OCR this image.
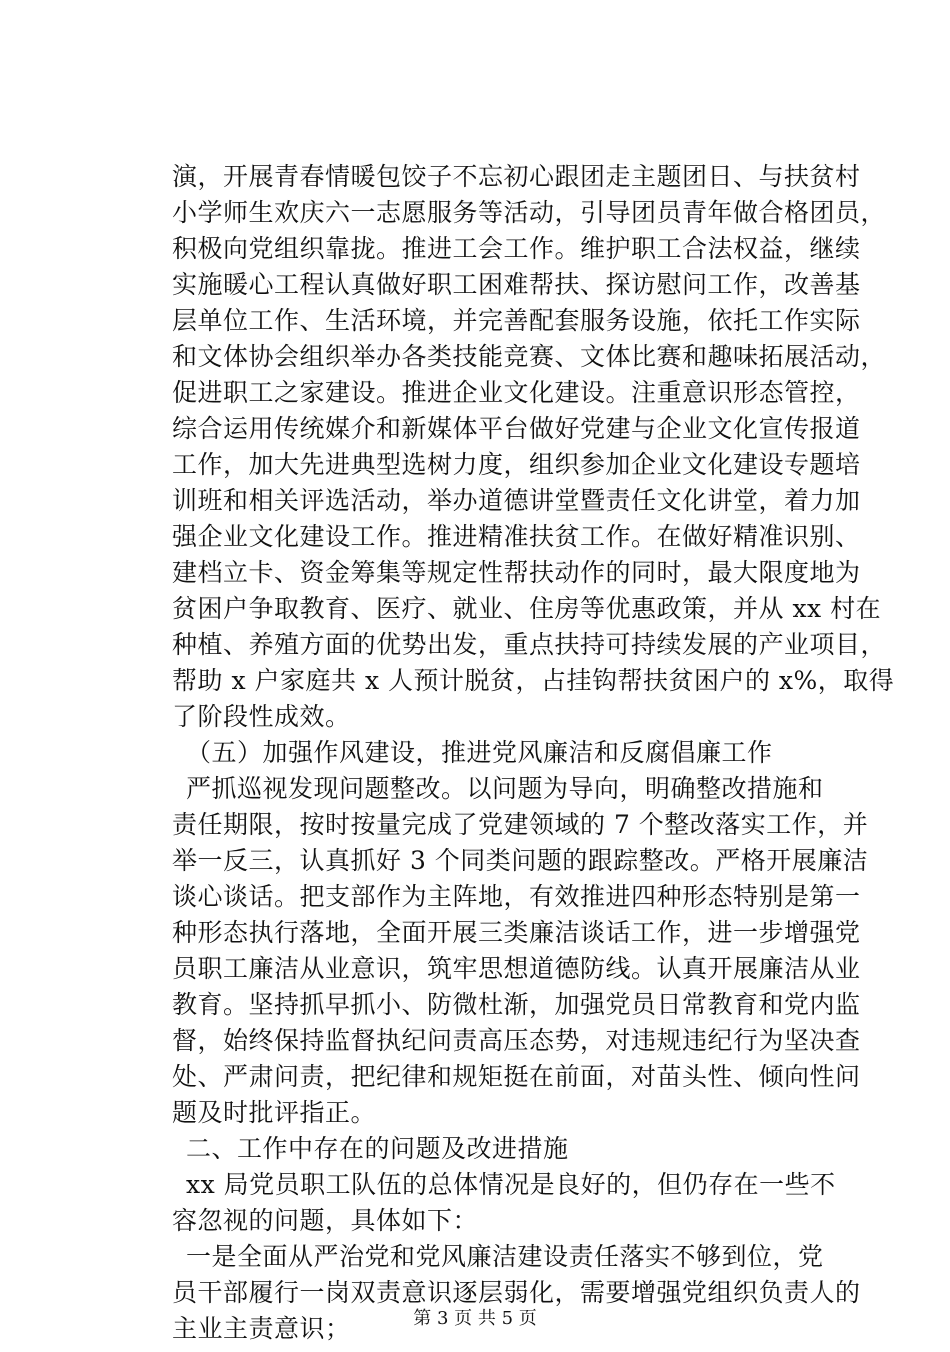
演，开展青春情暖包饺子不忘初心跟团走主题团日、与扶贫村
小学师生欢庆六一志愿服务等活动，引导团员青年做合格团员，
积极向党组织靠拢。推进工会工作。维护职工合法权益，继续
实施暖心工程认真做好职工困难帮扶、探访慰问工作，改善基
层单位工作、生活环境，并完善配套服务设施，依托工作实际
和文体协会组织举办各类技能竞赛、文体比赛和趣味拓展活动，
促进职工之家建设。推进企业文化建设。注重意识形态管控，
综合运用传统媒介和新媒体平台做好党建与企业文化宣传报道
工作，加大先进典型选树力度，组织参加企业文化建设专题培
训班和相关评选活动，举办道德讲堂暨责任文化讲堂，着力加
强企业文化建设工作。推进精准扶贫工作。在做好精准识别、
建档立卡、资金筹集等规定性帮扶动作的同时，最大限度地为
贫困户争取教育、医疗、就业、住房等优惠政策，并从 xx 村在
种植、养殖方面的优势出发，重点扶持可持续发展的产业项目，
帮助 x 户家庭共 x 人预计脱贫，占挂钩帮扶贫困户的 x%，取得
了阶段性成效。
（五）加强作风建设，推进党风廉洁和反腐倡廉工作
严抓巡视发现问题整改。以问题为导向，明确整改措施和
责任期限，按时按量完成了党建领域的 7 个整改落实工作，并
举一反三，认真抓好 3 个同类问题的跟踪整改。严格开展廉洁
谈心谈话。把支部作为主阵地，有效推进四种形态特别是第一
种形态执行落地，全面开展三类廉洁谈话工作，进一步增强党
员职工廉洁从业意识，筑牢思想道德防线。认真开展廉洁从业
教育。坚持抓早抓小、防微杜渐，加强党员日常教育和党内监
督，始终保持监督执纪问责高压态势，对违规违纪行为坚决查
处、严肃问责，把纪律和规矩挺在前面，对苗头性、倾向性问
题及时批评指正。
二、工作中存在的问题及改进措施
xx 局党员职工队伍的总体情况是良好的，但仍存在一些不
容忽视的问题，具体如下：
一是全面从严治党和党风廉洁建设责任落实不够到位，党
员干部履行一岗双责意识逐层弱化，需要增强党组织负责人的
主业主责意识；	第 3 页 共 5 页
